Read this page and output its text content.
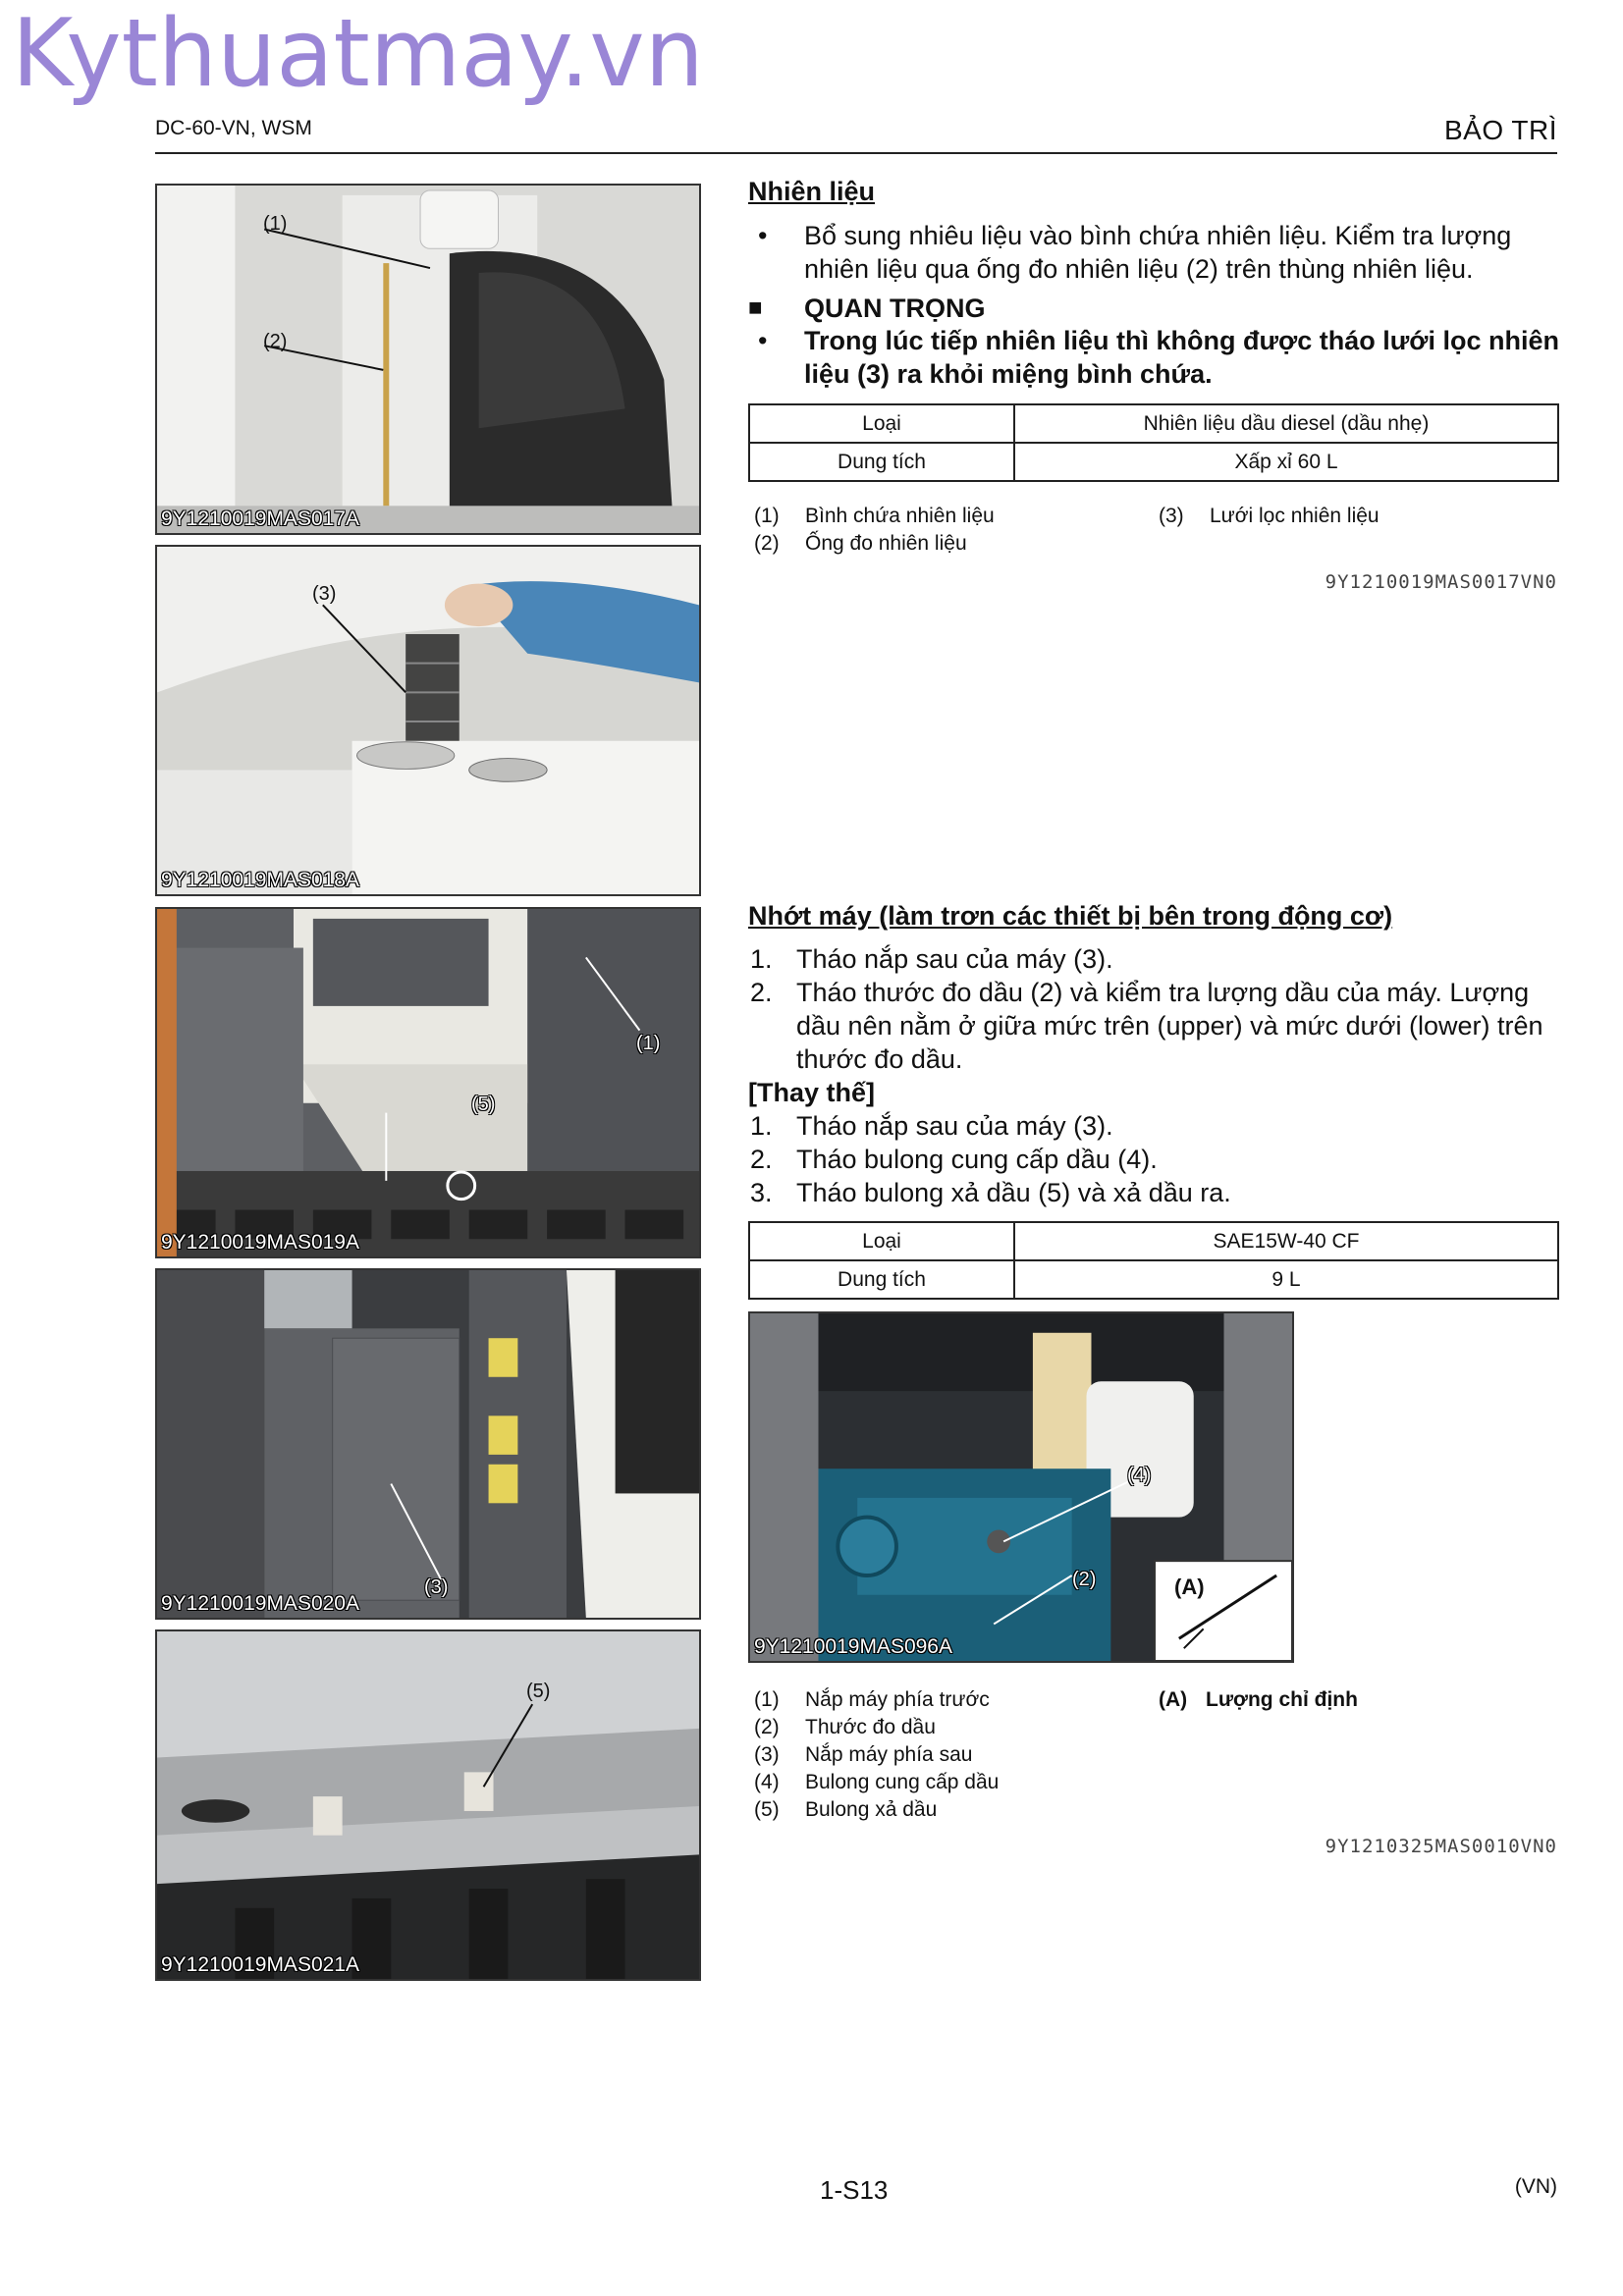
Kythuatmay.vn
DC-60-VN, WSM	BẢO TRÌ
(1)
(2)
9Y1210019MAS017A
(3)
9Y1210019MAS018A
(1)
(5)
9Y1210019MAS019A
(3)
9Y1210019MAS020A
(5)
9Y1210019MAS021A
(4)
(2)	(A)
9Y1210019MAS096A
Nhiên liệu
• Bổ sung nhiêu liệu vào bình chứa nhiên liệu. Kiểm tra lượng
nhiên liệu qua ống đo nhiên liệu (2) trên thùng nhiên liệu.
■ QUAN TRỌNG
• Trong lúc tiếp nhiên liệu thì không được tháo lưới lọc nhiên
liệu (3) ra khỏi miệng bình chứa.
Loại	Nhiên liệu dầu diesel (dầu nhẹ)
Dung tích	Xấp xỉ 60 L
(1) Bình chứa nhiên liệu
(2) Ống đo nhiên liệu
(3) Lưới lọc nhiên liệu
9Y1210019MAS0017VN0
Nhớt máy (làm trơn các thiết bị bên trong động cơ)
1. Tháo nắp sau của máy (3).
2. Tháo thước đo dầu (2) và kiểm tra lượng dầu của máy. Lượng
dầu nên nằm ở giữa mức trên (upper) và mức dưới (lower) trên
thước đo dầu.
[Thay thế]
1. Tháo nắp sau của máy (3).
2. Tháo bulong cung cấp dầu (4).
3. Tháo bulong xả dầu (5) và xả dầu ra.
Loại	SAE15W-40 CF
Dung tích	9 L
(1) Nắp máy phía trước
(2) Thước đo dầu
(3) Nắp máy phía sau
(4) Bulong cung cấp dầu
(5) Bulong xả dầu
(A) Lượng chỉ định
9Y1210325MAS0010VN0
1-S13	(VN)
